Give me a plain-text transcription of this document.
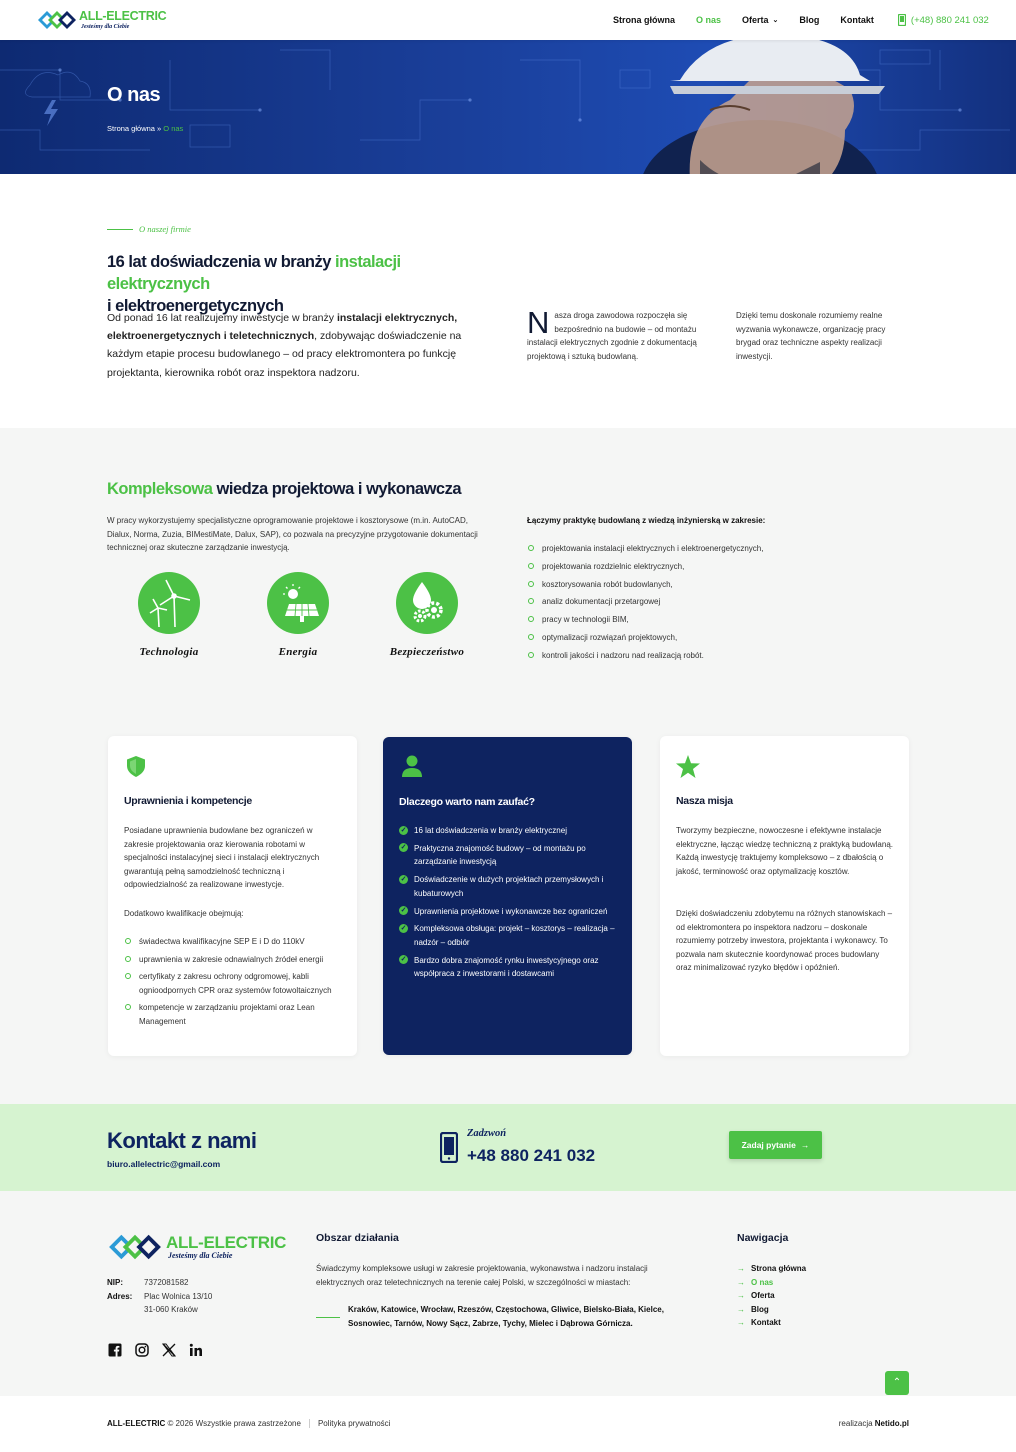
ALL-ELECTRIC
Jesteśmy dla Ciebie
Strona główna O nas Oferta ⌄ Blog Kontakt	(+48) 880 241 032
O nas
Strona główna » O nas
O naszej firmie
16 lat doświadczenia w branży instalacji elektrycznych
i elektroenergetycznych
Od ponad 16 lat realizujemy inwestycje w branży instalacji elektrycznych, elektroenergetycznych i teletechnicznych, zdobywając doświadczenie na każdym etapie procesu budowlanego – od pracy elektromontera po funkcję projektanta, kierownika robót oraz inspektora nadzoru.
Nasza droga zawodowa rozpoczęła się bezpośrednio na budowie – od montażu instalacji elektrycznych zgodnie z dokumentacją projektową i sztuką budowlaną.
Dzięki temu doskonale rozumiemy realne wyzwania wykonawcze, organizację pracy brygad oraz techniczne aspekty realizacji inwestycji.
Kompleksowa wiedza projektowa i wykonawcza
W pracy wykorzystujemy specjalistyczne oprogramowanie projektowe i kosztorysowe (m.in. AutoCAD, Dialux, Norma, Zuzia, BIMestiMate, Dalux, SAP), co pozwala na precyzyjne przygotowanie dokumentacji technicznej oraz skuteczne zarządzanie inwestycją.
Technologia	Energia	Bezpieczeństwo
Łączymy praktykę budowlaną z wiedzą inżynierską w zakresie:
projektowania instalacji elektrycznych i elektroenergetycznych,
projektowania rozdzielnic elektrycznych,
kosztorysowania robót budowlanych,
analiz dokumentacji przetargowej
pracy w technologii BIM,
optymalizacji rozwiązań projektowych,
kontroli jakości i nadzoru nad realizacją robót.
Uprawnienia i kompetencje
Posiadane uprawnienia budowlane bez ograniczeń w zakresie projektowania oraz kierowania robotami w specjalności instalacyjnej sieci i instalacji elektrycznych gwarantują pełną samodzielność techniczną i odpowiedzialność za realizowane inwestycje.
Dodatkowo kwalifikacje obejmują:
świadectwa kwalifikacyjne SEP E i D do 110kV
uprawnienia w zakresie odnawialnych źródeł energii
certyfikaty z zakresu ochrony odgromowej, kabli ognioodpornych CPR oraz systemów fotowoltaicznych
kompetencje w zarządzaniu projektami oraz Lean Management
Dlaczego warto nam zaufać?
✓ 16 lat doświadczenia w branży elektrycznej
✓ Praktyczna znajomość budowy – od montażu po zarządzanie inwestycją
✓ Doświadczenie w dużych projektach przemysłowych i kubaturowych
✓ Uprawnienia projektowe i wykonawcze bez ograniczeń
✓ Kompleksowa obsługa: projekt – kosztorys – realizacja – nadzór – odbiór
✓ Bardzo dobra znajomość rynku inwestycyjnego oraz współpraca z inwestorami i dostawcami
Nasza misja
Tworzymy bezpieczne, nowoczesne i efektywne instalacje elektryczne, łącząc wiedzę techniczną z praktyką budowlaną. Każdą inwestycję traktujemy kompleksowo – z dbałością o jakość, terminowość oraz optymalizację kosztów.
Dzięki doświadczeniu zdobytemu na różnych stanowiskach – od elektromontera po inspektora nadzoru – doskonale rozumiemy potrzeby inwestora, projektanta i wykonawcy. To pozwala nam skutecznie koordynować proces budowlany oraz minimalizować ryzyko błędów i opóźnień.
Kontakt z nami
biuro.allelectric@gmail.com
Zadzwoń
+48 880 241 032
Zadaj pytanie →
ALL-ELECTRIC
Jesteśmy dla Ciebie
NIP:	7372081582
Adres: Plac Wolnica 13/10
31-060 Kraków
Obszar działania
Świadczymy kompleksowe usługi w zakresie projektowania, wykonawstwa i nadzoru instalacji elektrycznych oraz teletechnicznych na terenie całej Polski, w szczególności w miastach:
Kraków, Katowice, Wrocław, Rzeszów, Częstochowa, Gliwice, Bielsko-Biała, Kielce, Sosnowiec, Tarnów, Nowy Sącz, Zabrze, Tychy, Mielec i Dąbrowa Górnicza.
Nawigacja
→ Strona główna
→ O nas
→ Oferta
→ Blog
→ Kontakt
⌃
ALL-ELECTRIC © 2026 Wszystkie prawa zastrzeżone Polityka prywatności	realizacja Netido.pl
